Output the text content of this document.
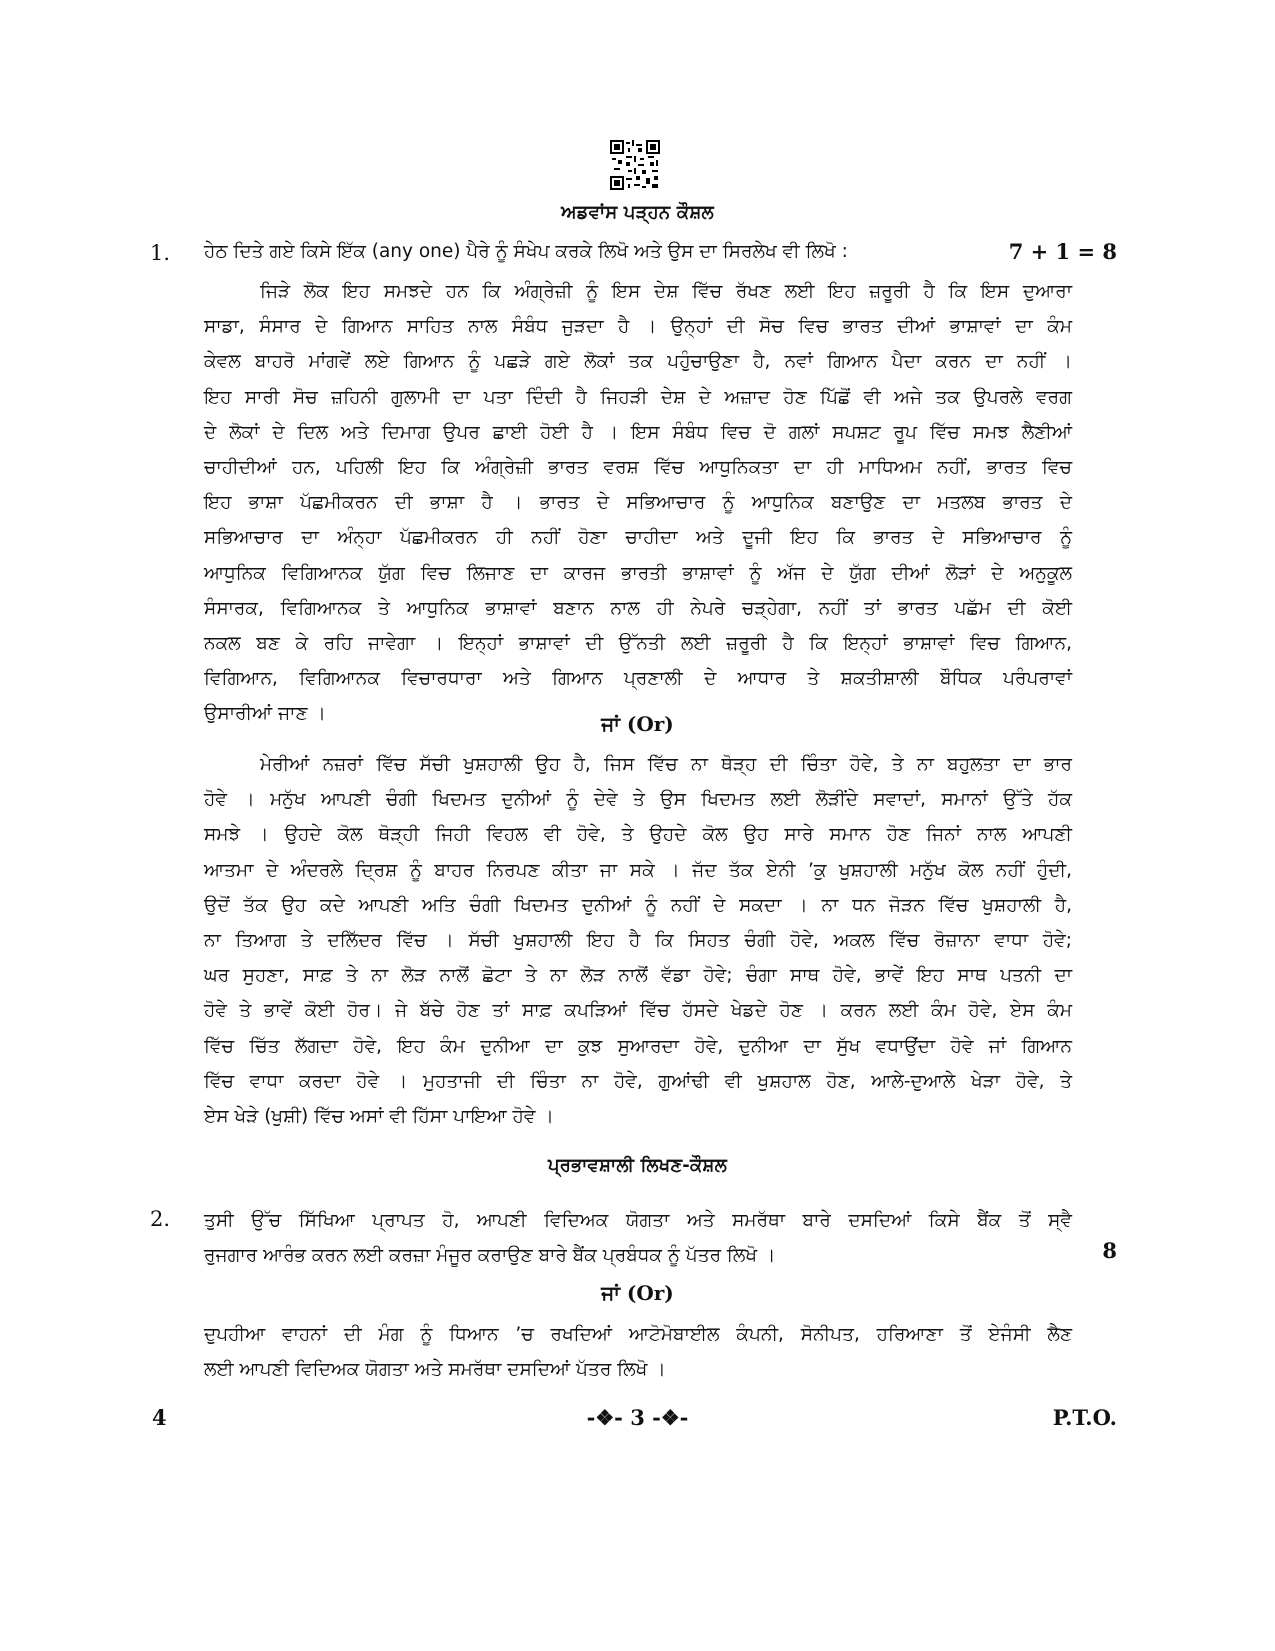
ਅਡਵਾਂਸ ਪੜ੍ਹਨ ਕੌਸ਼ਲ
1. ਹੇਠ ਦਿਤੇ ਗਏ ਕਿਸੇ ਇੱਕ (any one) ਪੈਰੇ ਨੂੰ ਸੰਖੇਪ ਕਰਕੇ ਲਿਖੋ ਅਤੇ ਉਸ ਦਾ ਸਿਰਲੇਖ ਵੀ ਲਿਖੋ :	7 + 1 = 8
ਜਿੜੇ ਲੋਕ ਇਹ ਸਮਝਦੇ ਹਨ ਕਿ ਅੰਗ੍ਰੇਜ਼ੀ ਨੂੰ ਇਸ ਦੇਸ਼ ਵਿੱਚ ਰੱਖਣ ਲਈ ਇਹ ਜ਼ਰੂਰੀ ਹੈ ਕਿ ਇਸ ਦੁਆਰਾ
ਸਾਡਾ, ਸੰਸਾਰ ਦੇ ਗਿਆਨ ਸਾਹਿਤ ਨਾਲ ਸੰਬੰਧ ਜੁੜਦਾ ਹੈ । ਉਨ੍ਹਾਂ ਦੀ ਸੋਚ ਵਿਚ ਭਾਰਤ ਦੀਆਂ ਭਾਸ਼ਾਵਾਂ ਦਾ ਕੰਮ
ਕੇਵਲ ਬਾਹਰੋ ਮਾਂਗਵੇਂ ਲਏ ਗਿਆਨ ਨੂੰ ਪਛੜੇ ਗਏ ਲੋਕਾਂ ਤਕ ਪਹੁੰਚਾਉਣਾ ਹੈ, ਨਵਾਂ ਗਿਆਨ ਪੈਦਾ ਕਰਨ ਦਾ ਨਹੀਂ ।
ਇਹ ਸਾਰੀ ਸੋਚ ਜ਼ਹਿਨੀ ਗੁਲਾਮੀ ਦਾ ਪਤਾ ਦਿੰਦੀ ਹੈ ਜਿਹੜੀ ਦੇਸ਼ ਦੇ ਅਜ਼ਾਦ ਹੋਣ ਪਿੱਛੋਂ ਵੀ ਅਜੇ ਤਕ ਉਪਰਲੇ ਵਰਗ
ਦੇ ਲੋਕਾਂ ਦੇ ਦਿਲ ਅਤੇ ਦਿਮਾਗ ਉਪਰ ਛਾਈ ਹੋਈ ਹੈ । ਇਸ ਸੰਬੰਧ ਵਿਚ ਦੋ ਗਲਾਂ ਸਪਸ਼ਟ ਰੂਪ ਵਿੱਚ ਸਮਝ ਲੈਣੀਆਂ
ਚਾਹੀਦੀਆਂ ਹਨ, ਪਹਿਲੀ ਇਹ ਕਿ ਅੰਗ੍ਰੇਜ਼ੀ ਭਾਰਤ ਵਰਸ਼ ਵਿੱਚ ਆਧੁਨਿਕਤਾ ਦਾ ਹੀ ਮਾਧਿਅਮ ਨਹੀਂ, ਭਾਰਤ ਵਿਚ
ਇਹ ਭਾਸ਼ਾ ਪੱਛਮੀਕਰਨ ਦੀ ਭਾਸ਼ਾ ਹੈ । ਭਾਰਤ ਦੇ ਸਭਿਆਚਾਰ ਨੂੰ ਆਧੁਨਿਕ ਬਣਾਉਣ ਦਾ ਮਤਲਬ ਭਾਰਤ ਦੇ
ਸਭਿਆਚਾਰ ਦਾ ਅੰਨ੍ਹਾ ਪੱਛਮੀਕਰਨ ਹੀ ਨਹੀਂ ਹੋਣਾ ਚਾਹੀਦਾ ਅਤੇ ਦੂਜੀ ਇਹ ਕਿ ਭਾਰਤ ਦੇ ਸਭਿਆਚਾਰ ਨੂੰ
ਆਧੁਨਿਕ ਵਿਗਿਆਨਕ ਯੁੱਗ ਵਿਚ ਲਿਜਾਣ ਦਾ ਕਾਰਜ ਭਾਰਤੀ ਭਾਸ਼ਾਵਾਂ ਨੂੰ ਅੱਜ ਦੇ ਯੁੱਗ ਦੀਆਂ ਲੋੜਾਂ ਦੇ ਅਨੁਕੂਲ
ਸੰਸਾਰਕ, ਵਿਗਿਆਨਕ ਤੇ ਆਧੁਨਿਕ ਭਾਸ਼ਾਵਾਂ ਬਣਾਨ ਨਾਲ ਹੀ ਨੇਪਰੇ ਚੜ੍ਹੇਗਾ, ਨਹੀਂ ਤਾਂ ਭਾਰਤ ਪਛੱਮ ਦੀ ਕੋਈ
ਨਕਲ ਬਣ ਕੇ ਰਹਿ ਜਾਵੇਗਾ । ਇਨ੍ਹਾਂ ਭਾਸ਼ਾਵਾਂ ਦੀ ਉੱਨਤੀ ਲਈ ਜ਼ਰੂਰੀ ਹੈ ਕਿ ਇਨ੍ਹਾਂ ਭਾਸ਼ਾਵਾਂ ਵਿਚ ਗਿਆਨ,
ਵਿਗਿਆਨ, ਵਿਗਿਆਨਕ ਵਿਚਾਰਧਾਰਾ ਅਤੇ ਗਿਆਨ ਪ੍ਰਣਾਲੀ ਦੇ ਆਧਾਰ ਤੇ ਸ਼ਕਤੀਸ਼ਾਲੀ ਬੌਧਿਕ ਪਰੰਪਰਾਵਾਂ
ਉਸਾਰੀਆਂ ਜਾਣ ।	ਜਾਂ (Or)
ਮੇਰੀਆਂ ਨਜ਼ਰਾਂ ਵਿੱਚ ਸੱਚੀ ਖੁਸ਼ਹਾਲੀ ਉਹ ਹੈ, ਜਿਸ ਵਿੱਚ ਨਾ ਥੋੜ੍ਹ ਦੀ ਚਿੰਤਾ ਹੋਵੇ, ਤੇ ਨਾ ਬਹੁਲਤਾ ਦਾ ਭਾਰ
ਹੋਵੇ । ਮਨੁੱਖ ਆਪਣੀ ਚੰਗੀ ਖਿਦਮਤ ਦੁਨੀਆਂ ਨੂੰ ਦੇਵੇ ਤੇ ਉਸ ਖਿਦਮਤ ਲਈ ਲੋੜੀਂਦੇ ਸਵਾਦਾਂ, ਸਮਾਨਾਂ ਉੱਤੇ ਹੱਕ
ਸਮਝੇ । ਉਹਦੇ ਕੋਲ ਥੋੜ੍ਹੀ ਜਿਹੀ ਵਿਹਲ ਵੀ ਹੋਵੇ, ਤੇ ਉਹਦੇ ਕੋਲ ਉਹ ਸਾਰੇ ਸਮਾਨ ਹੋਣ ਜਿਨਾਂ ਨਾਲ ਆਪਣੀ
ਆਤਮਾ ਦੇ ਅੰਦਰਲੇ ਦ੍ਰਿਸ਼ ਨੂੰ ਬਾਹਰ ਨਿਰਪਣ ਕੀਤਾ ਜਾ ਸਕੇ । ਜੱਦ ਤੱਕ ਏਨੀ ’ਕੁ ਖੁਸ਼ਹਾਲੀ ਮਨੁੱਖ ਕੋਲ ਨਹੀਂ ਹੁੰਦੀ,
ਉਦੋਂ ਤੱਕ ਉਹ ਕਦੇ ਆਪਣੀ ਅਤਿ ਚੰਗੀ ਖਿਦਮਤ ਦੁਨੀਆਂ ਨੂੰ ਨਹੀਂ ਦੇ ਸਕਦਾ । ਨਾ ਧਨ ਜੋੜਨ ਵਿੱਚ ਖੁਸ਼ਹਾਲੀ ਹੈ,
ਨਾ ਤਿਆਗ ਤੇ ਦਲਿੱਦਰ ਵਿੱਚ । ਸੱਚੀ ਖੁਸ਼ਹਾਲੀ ਇਹ ਹੈ ਕਿ ਸਿਹਤ ਚੰਗੀ ਹੋਵੇ, ਅਕਲ ਵਿੱਚ ਰੋਜ਼ਾਨਾ ਵਾਧਾ ਹੋਵੇ;
ਘਰ ਸੁਹਣਾ, ਸਾਫ਼ ਤੇ ਨਾ ਲੋੜ ਨਾਲੋਂ ਛੋਟਾ ਤੇ ਨਾ ਲੋੜ ਨਾਲੋਂ ਵੱਡਾ ਹੋਵੇ; ਚੰਗਾ ਸਾਥ ਹੋਵੇ, ਭਾਵੇਂ ਇਹ ਸਾਥ ਪਤਨੀ ਦਾ
ਹੋਵੇ ਤੇ ਭਾਵੇਂ ਕੋਈ ਹੋਰ। ਜੇ ਬੱਚੇ ਹੋਣ ਤਾਂ ਸਾਫ਼ ਕਪੜਿਆਂ ਵਿੱਚ ਹੱਸਦੇ ਖੇਡਦੇ ਹੋਣ । ਕਰਨ ਲਈ ਕੰਮ ਹੋਵੇ, ਏਸ ਕੰਮ
ਵਿੱਚ ਚਿੱਤ ਲੱਗਦਾ ਹੋਵੇ, ਇਹ ਕੰਮ ਦੁਨੀਆ ਦਾ ਕੁਝ ਸੁਆਰਦਾ ਹੋਵੇ, ਦੁਨੀਆ ਦਾ ਸੁੱਖ ਵਧਾਉਂਦਾ ਹੋਵੇ ਜਾਂ ਗਿਆਨ
ਵਿੱਚ ਵਾਧਾ ਕਰਦਾ ਹੋਵੇ । ਮੁਹਤਾਜੀ ਦੀ ਚਿੰਤਾ ਨਾ ਹੋਵੇ, ਗੁਆਂਢੀ ਵੀ ਖੁਸ਼ਹਾਲ ਹੋਣ, ਆਲੇ-ਦੁਆਲੇ ਖੇੜਾ ਹੋਵੇ, ਤੇ
ਏਸ ਖੇੜੇ (ਖੁਸ਼ੀ) ਵਿੱਚ ਅਸਾਂ ਵੀ ਹਿੱਸਾ ਪਾਇਆ ਹੋਵੇ ।
ਪ੍ਰਭਾਵਸ਼ਾਲੀ ਲਿਖਣ-ਕੌਸ਼ਲ
2. ਤੁਸੀ ਉੱਚ ਸਿੱਖਿਆ ਪ੍ਰਾਪਤ ਹੋ, ਆਪਣੀ ਵਿਦਿਅਕ ਯੋਗਤਾ ਅਤੇ ਸਮਰੱਥਾ ਬਾਰੇ ਦਸਦਿਆਂ ਕਿਸੇ ਬੈਂਕ ਤੋਂ ਸ੍ਵੈ
ਰੁਜਗਾਰ ਆਰੰਭ ਕਰਨ ਲਈ ਕਰਜ਼ਾ ਮੰਜੂਰ ਕਰਾਉਣ ਬਾਰੇ ਬੈਂਕ ਪ੍ਰਬੰਧਕ ਨੂੰ ਪੱਤਰ ਲਿਖੋ ।	8
ਜਾਂ (Or)
ਦੁਪਹੀਆ ਵਾਹਨਾਂ ਦੀ ਮੰਗ ਨੂੰ ਧਿਆਨ ’ਚ ਰਖਦਿਆਂ ਆਟੋਮੋਬਾਈਲ ਕੰਪਨੀ, ਸੋਨੀਪਤ, ਹਰਿਆਣਾ ਤੋਂ ਏਜੰਸੀ ਲੈਣ
ਲਈ ਆਪਣੀ ਵਿਦਿਅਕ ਯੋਗਤਾ ਅਤੇ ਸਮਰੱਥਾ ਦਸਦਿਆਂ ਪੱਤਰ ਲਿਖੋ ।
4	-❖- 3 -❖-	P.T.O.
